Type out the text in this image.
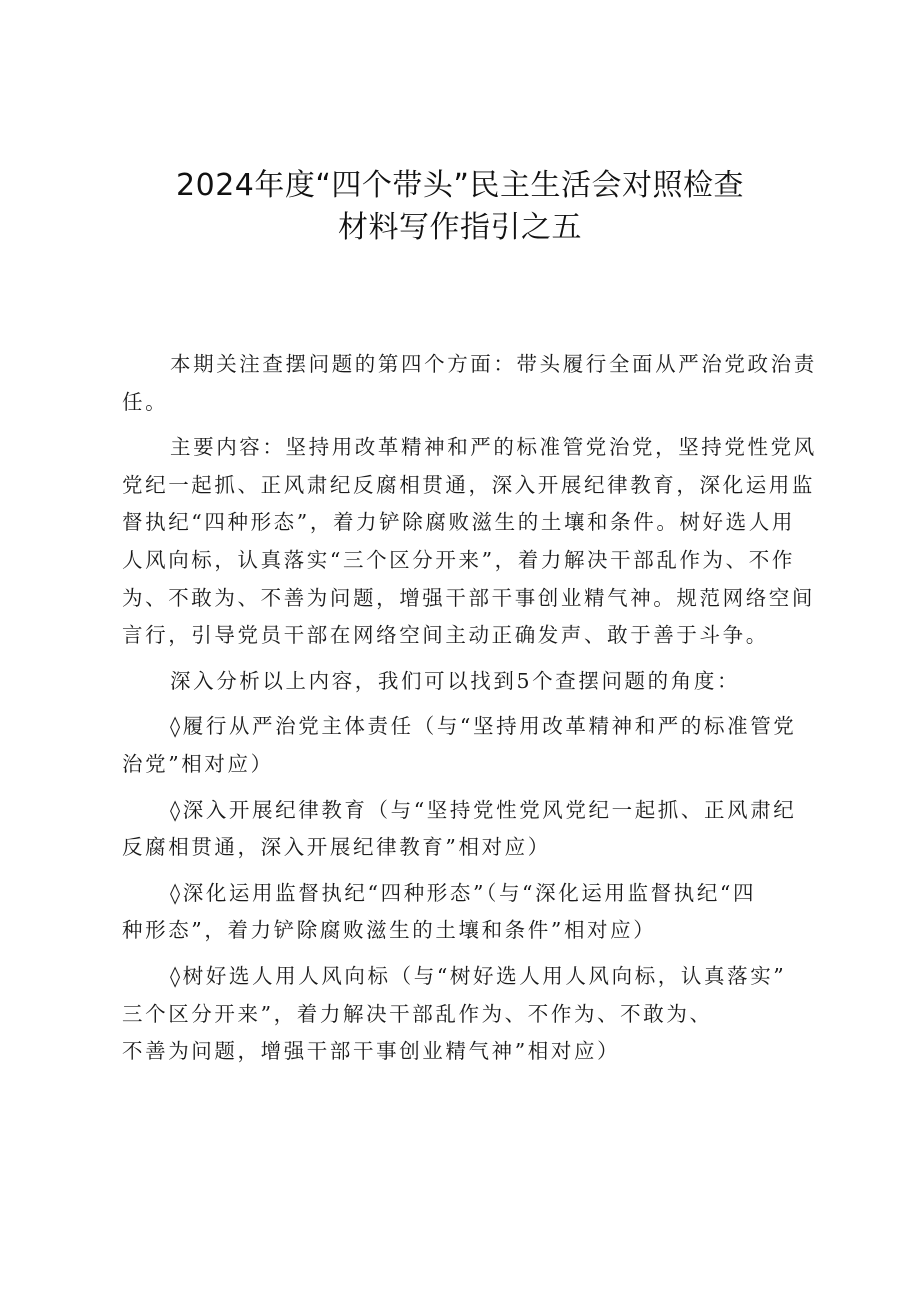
2024年度“四个带头”民主生活会对照检查
材料写作指引之五

本期关注查摆问题的第四个方面：带头履行全面从严治党政治责
任。

主要内容：坚持用改革精神和严的标准管党治党，坚持党性党风
党纪一起抓、正风肃纪反腐相贯通，深入开展纪律教育，深化运用监
督执纪“四种形态”，着力铲除腐败滋生的土壤和条件。树好选人用
人风向标，认真落实“三个区分开来”，着力解决干部乱作为、不作
为、不敢为、不善为问题，增强干部干事创业精气神。规范网络空间
言行，引导党员干部在网络空间主动正确发声、敢于善于斗争。

深入分析以上内容，我们可以找到5个查摆问题的角度：

◊履行从严治党主体责任（与“坚持用改革精神和严的标准管党
治党”相对应）

◊深入开展纪律教育（与“坚持党性党风党纪一起抓、正风肃纪
反腐相贯通，深入开展纪律教育”相对应）

◊深化运用监督执纪“四种形态”（与“深化运用监督执纪“四
种形态”，着力铲除腐败滋生的土壤和条件”相对应）

◊树好选人用人风向标（与“树好选人用人风向标，认真落实”
三个区分开来”，着力解决干部乱作为、不作为、不敢为、
不善为问题，增强干部干事创业精气神”相对应）
